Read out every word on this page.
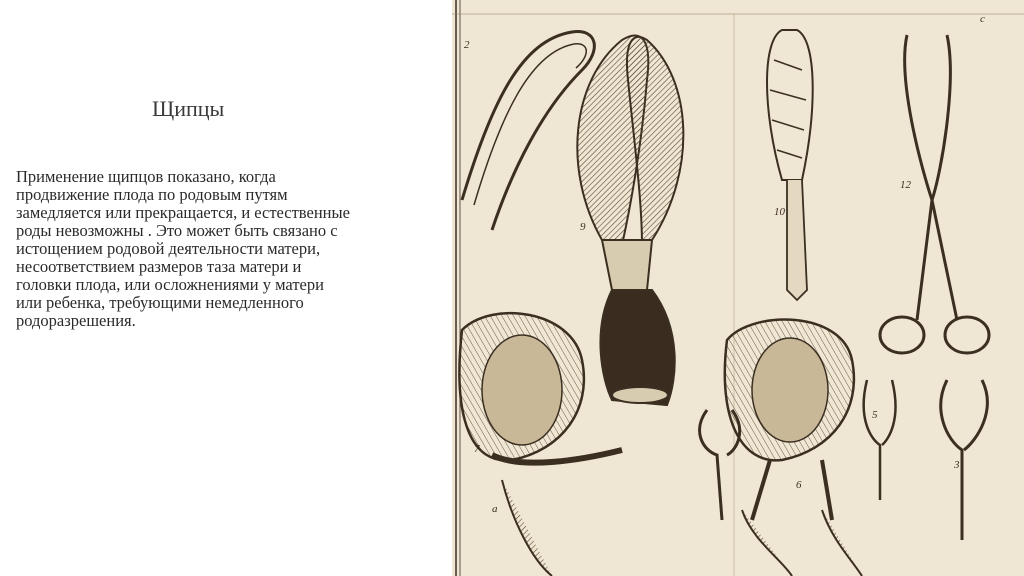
Щипцы
Применение щипцов показано, когда
продвижение плода по родовым путям
замедляется или прекращается, и естественные
роды невозможны . Это может быть связано с
истощением родовой деятельности матери,
несоответствием размеров таза матери и
головки плода, или осложнениями у матери
или ребенка, требующими немедленного
родоразрешения.
2
9
10
12
7
6
5
3
c
a
